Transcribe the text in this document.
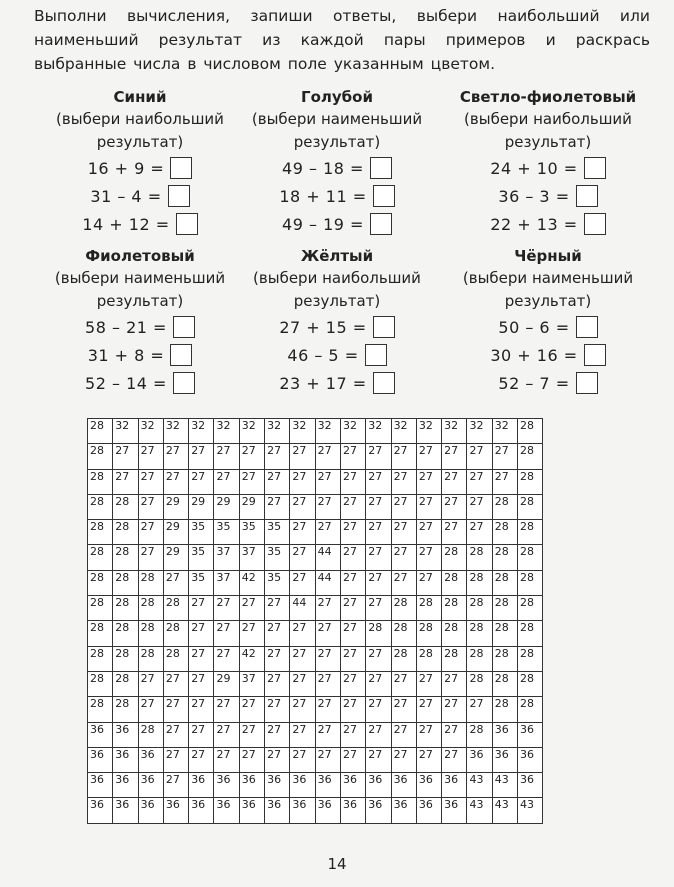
Выполни вычисления, запиши ответы, выбери наибольший или наименьший результат из каждой пары примеров и раскрась выбранные числа в числовом поле указанным цветом.
Синий
(выбери наибольший результат)
16 + 9 =
31 – 4 =
14 + 12 =
Голубой
(выбери наименьший результат)
49 – 18 =
18 + 11 =
49 – 19 =
Светло-фиолетовый
(выбери наибольший результат)
24 + 10 =
36 – 3 =
22 + 13 =
Фиолетовый
(выбери наименьший результат)
58 – 21 =
31 + 8 =
52 – 14 =
Жёлтый
(выбери наибольший результат)
27 + 15 =
46 – 5 =
23 + 17 =
Чёрный
(выбери наименьший результат)
50 – 6 =
30 + 16 =
52 – 7 =
28	32	32	32	32	32	32	32	32	32	32	32	32	32	32	32	32	28
28	27	27	27	27	27	27	27	27	27	27	27	27	27	27	27	27	28
28	27	27	27	27	27	27	27	27	27	27	27	27	27	27	27	27	28
28	28	27	29	29	29	29	27	27	27	27	27	27	27	27	27	28	28
28	28	27	29	35	35	35	35	27	27	27	27	27	27	27	27	28	28
28	28	27	29	35	37	37	35	27	44	27	27	27	27	28	28	28	28
28	28	28	27	35	37	42	35	27	44	27	27	27	27	28	28	28	28
28	28	28	28	27	27	27	27	44	27	27	27	28	28	28	28	28	28
28	28	28	28	27	27	27	27	27	27	27	28	28	28	28	28	28	28
28	28	28	28	27	27	42	27	27	27	27	27	28	28	28	28	28	28
28	28	27	27	27	29	37	27	27	27	27	27	27	27	27	28	28	28
28	28	27	27	27	27	27	27	27	27	27	27	27	27	27	27	28	28
36	36	28	27	27	27	27	27	27	27	27	27	27	27	27	28	36	36
36	36	36	27	27	27	27	27	27	27	27	27	27	27	27	36	36	36
36	36	36	27	36	36	36	36	36	36	36	36	36	36	36	43	43	36
36	36	36	36	36	36	36	36	36	36	36	36	36	36	36	43	43	43
14
